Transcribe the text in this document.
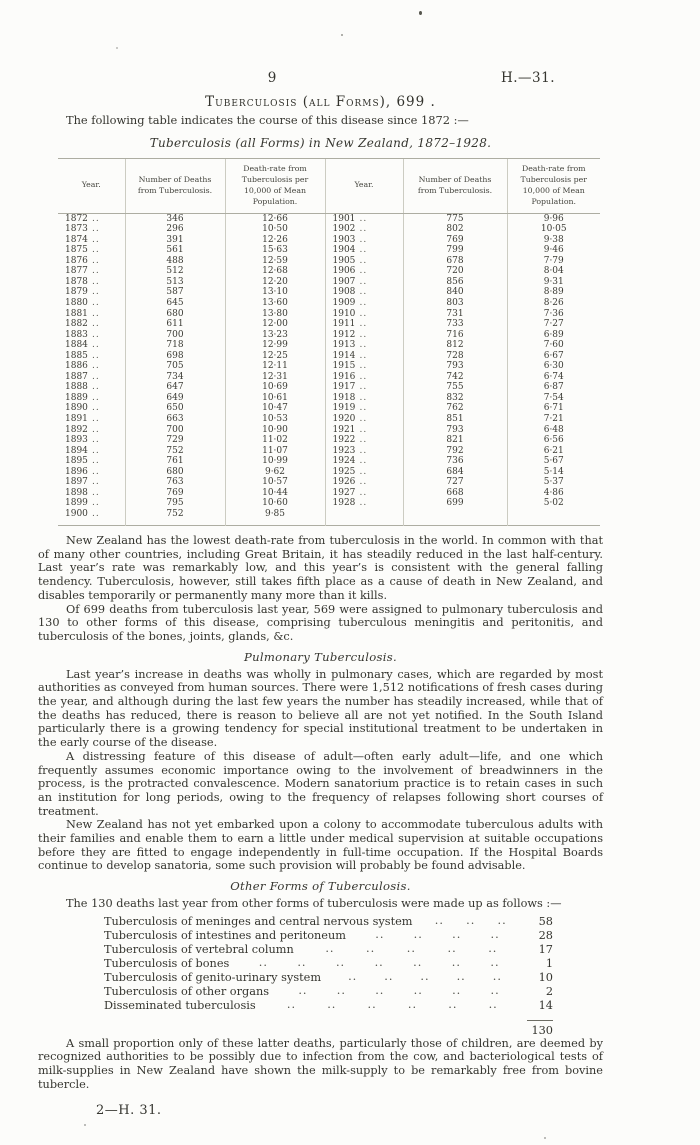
9	H.—31.
Tuberculosis (all Forms), 699 .

The following table indicates the course of this disease since 1872 :—

Tuberculosis (all Forms) in New Zealand, 1872–1928.
Year.	Number of Deaths from Tuberculosis.	Death-rate from Tuberculosis per 10,000 of Mean Population.	Year.	Number of Deaths from Tuberculosis.	Death-rate from Tuberculosis per 10,000 of Mean Population.
1872 ..	346	12·66	1901 ..	775	9·96
1873 ..	296	10·50	1902 ..	802	10·05
1874 ..	391	12·26	1903 ..	769	9·38
1875 ..	561	15·63	1904 ..	799	9·46
1876 ..	488	12·59	1905 ..	678	7·79
1877 ..	512	12·68	1906 ..	720	8·04
1878 ..	513	12·20	1907 ..	856	9·31
1879 ..	587	13·10	1908 ..	840	8·89
1880 ..	645	13·60	1909 ..	803	8·26
1881 ..	680	13·80	1910 ..	731	7·36
1882 ..	611	12·00	1911 ..	733	7·27
1883 ..	700	13·23	1912 ..	716	6·89
1884 ..	718	12·99	1913 ..	812	7·60
1885 ..	698	12·25	1914 ..	728	6·67
1886 ..	705	12·11	1915 ..	793	6·30
1887 ..	734	12·31	1916 ..	742	6·74
1888 ..	647	10·69	1917 ..	755	6·87
1889 ..	649	10·61	1918 ..	832	7·54
1890 ..	650	10·47	1919 ..	762	6·71
1891 ..	663	10·53	1920 ..	851	7·21
1892 ..	700	10·90	1921 ..	793	6·48
1893 ..	729	11·02	1922 ..	821	6·56
1894 ..	752	11·07	1923 ..	792	6·21
1895 ..	761	10·99	1924 ..	736	5·67
1896 ..	680	9·62	1925 ..	684	5·14
1897 ..	763	10·57	1926 ..	727	5·37
1898 ..	769	10·44	1927 ..	668	4·86
1899 ..	795	10·60	1928 ..	699	5·02
1900 ..	752	9·85			

New Zealand has the lowest death-rate from tuberculosis in the world. In common with that of many other countries, including Great Britain, it has steadily reduced in the last half-century. Last year’s rate was remarkably low, and this year’s is consistent with the general falling tendency. Tuberculosis, however, still takes fifth place as a cause of death in New Zealand, and disables temporarily or permanently many more than it kills.

Of 699 deaths from tuberculosis last year, 569 were assigned to pulmonary tuberculosis and 130 to other forms of this disease, comprising tuberculous meningitis and peritonitis, and tuberculosis of the bones, joints, glands, &c.

Pulmonary Tuberculosis.

Last year’s increase in deaths was wholly in pulmonary cases, which are regarded by most authorities as conveyed from human sources. There were 1,512 notifications of fresh cases during the year, and although during the last few years the number has steadily increased, while that of the deaths has reduced, there is reason to believe all are not yet notified. In the South Island particularly there is a growing tendency for special institutional treatment to be undertaken in the early course of the disease.

A distressing feature of this disease of adult—often early adult—life, and one which frequently assumes economic importance owing to the involvement of breadwinners in the process, is the protracted convalescence. Modern sanatorium practice is to retain cases in such an institution for long periods, owing to the frequency of relapses following short courses of treatment.

New Zealand has not yet embarked upon a colony to accommodate tuberculous adults with their families and enable them to earn a little under medical supervision at suitable occupations before they are fitted to engage independently in full-time occupation. If the Hospital Boards continue to develop sanatoria, some such provision will probably be found advisable.

Other Forms of Tuberculosis.

The 130 deaths last year from other forms of tuberculosis were made up as follows :—

Tuberculosis of meninges and central nervous system .. .. ..	58
Tuberculosis of intestines and peritoneum	..	..	..	..	28
Tuberculosis of vertebral column	..	..	..	..	..	17
Tuberculosis of bones	..	..	..	..	..	..	..	1
Tuberculosis of genito-urinary system .. .. .. .. ..	10
Tuberculosis of other organs	..	..	..	..	..	..	2
Disseminated tuberculosis	..	..	..	..	..	..	14
130

A small proportion only of these latter deaths, particularly those of children, are deemed by recognized authorities to be possibly due to infection from the cow, and bacteriological tests of milk-supplies in New Zealand have shown the milk-supply to be remarkably free from bovine tubercle.

2—H. 31.
